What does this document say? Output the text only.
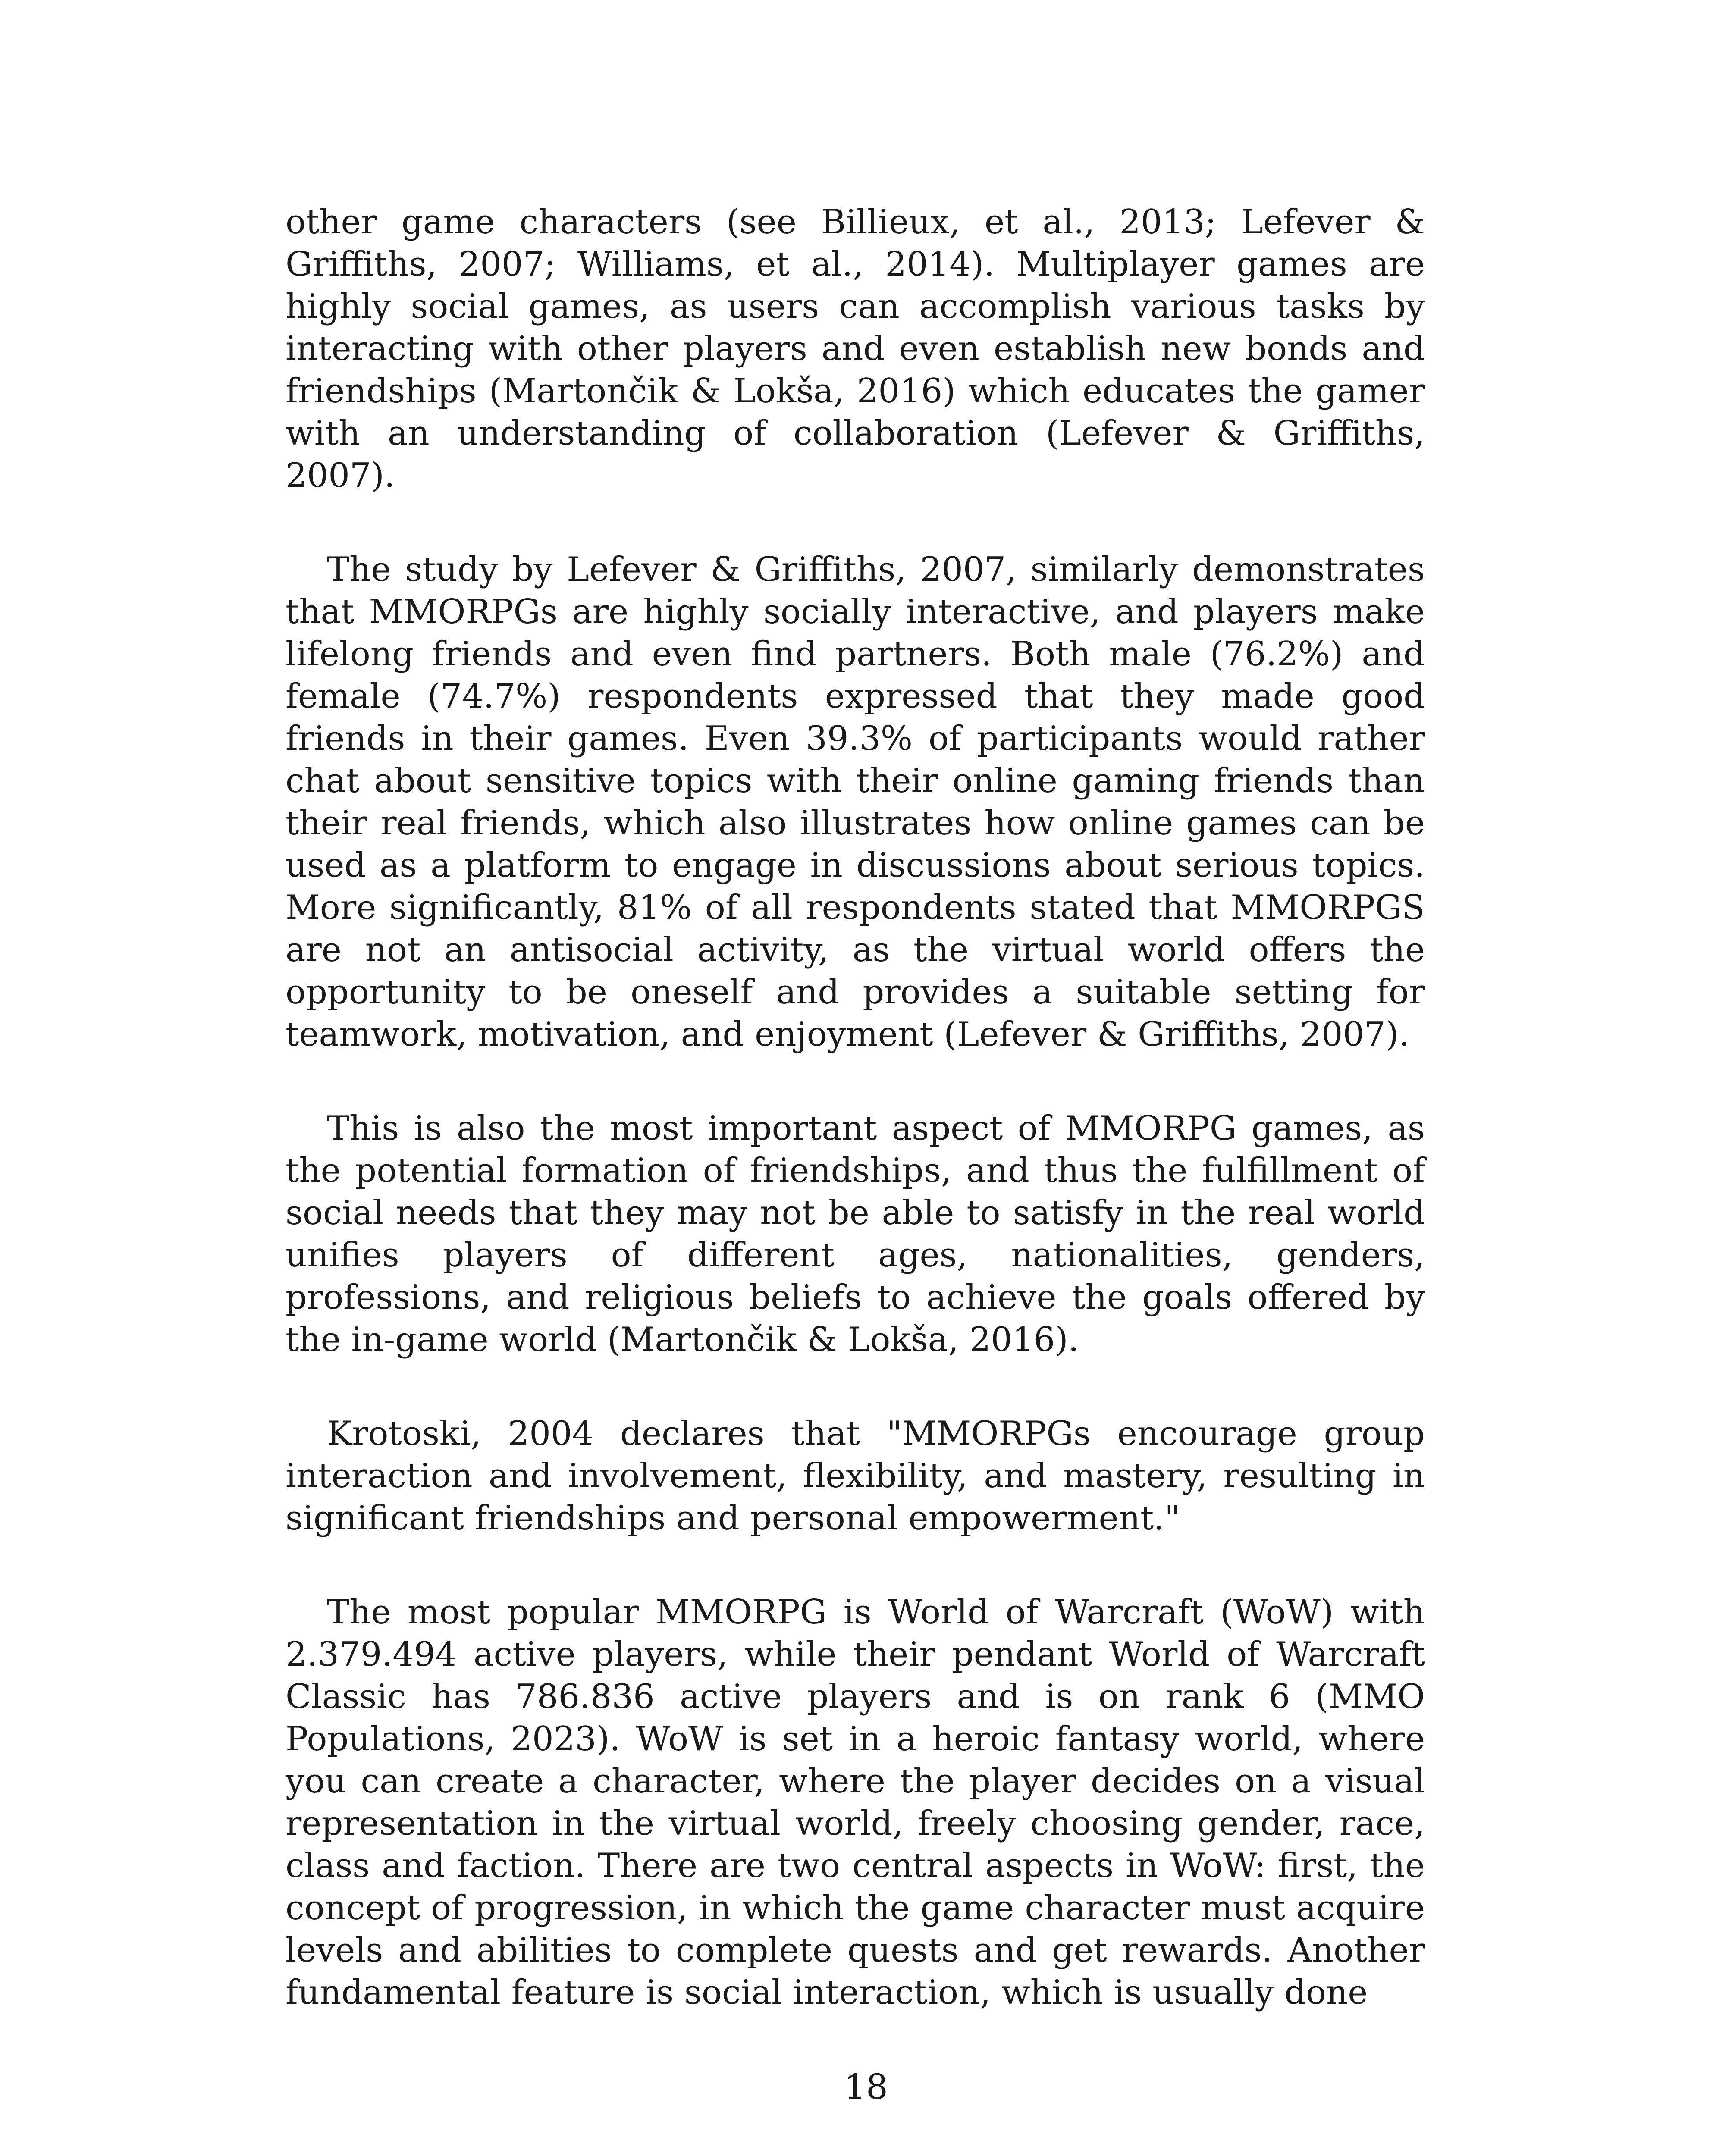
other game characters (see Billieux, et al., 2013; Lefever & Griffiths, 2007; Williams, et al., 2014). Multiplayer games are highly social games, as users can accomplish various tasks by interacting with other players and even establish new bonds and friendships (Martončik & Lokša, 2016) which educates the gamer with an understanding of collaboration (Lefever & Griffiths, 2007).

The study by Lefever & Griffiths, 2007, similarly demonstrates that MMORPGs are highly socially interactive, and players make lifelong friends and even find partners. Both male (76.2%) and female (74.7%) respondents expressed that they made good friends in their games. Even 39.3% of participants would rather chat about sensitive topics with their online gaming friends than their real friends, which also illustrates how online games can be used as a platform to engage in discussions about serious topics. More significantly, 81% of all respondents stated that MMORPGS are not an antisocial activity, as the virtual world offers the opportunity to be oneself and provides a suitable setting for teamwork, motivation, and enjoyment (Lefever & Griffiths, 2007).

This is also the most important aspect of MMORPG games, as the potential formation of friendships, and thus the fulfillment of social needs that they may not be able to satisfy in the real world unifies players of different ages, nationalities, genders, professions, and religious beliefs to achieve the goals offered by the in-game world (Martončik & Lokša, 2016).

Krotoski, 2004 declares that "MMORPGs encourage group interaction and involvement, flexibility, and mastery, resulting in significant friendships and personal empowerment."

The most popular MMORPG is World of Warcraft (WoW) with 2.379.494 active players, while their pendant World of Warcraft Classic has 786.836 active players and is on rank 6 (MMO Populations, 2023). WoW is set in a heroic fantasy world, where you can create a character, where the player decides on a visual representation in the virtual world, freely choosing gender, race, class and faction. There are two central aspects in WoW: first, the concept of progression, in which the game character must acquire levels and abilities to complete quests and get rewards. Another fundamental feature is social interaction, which is usually done

18
